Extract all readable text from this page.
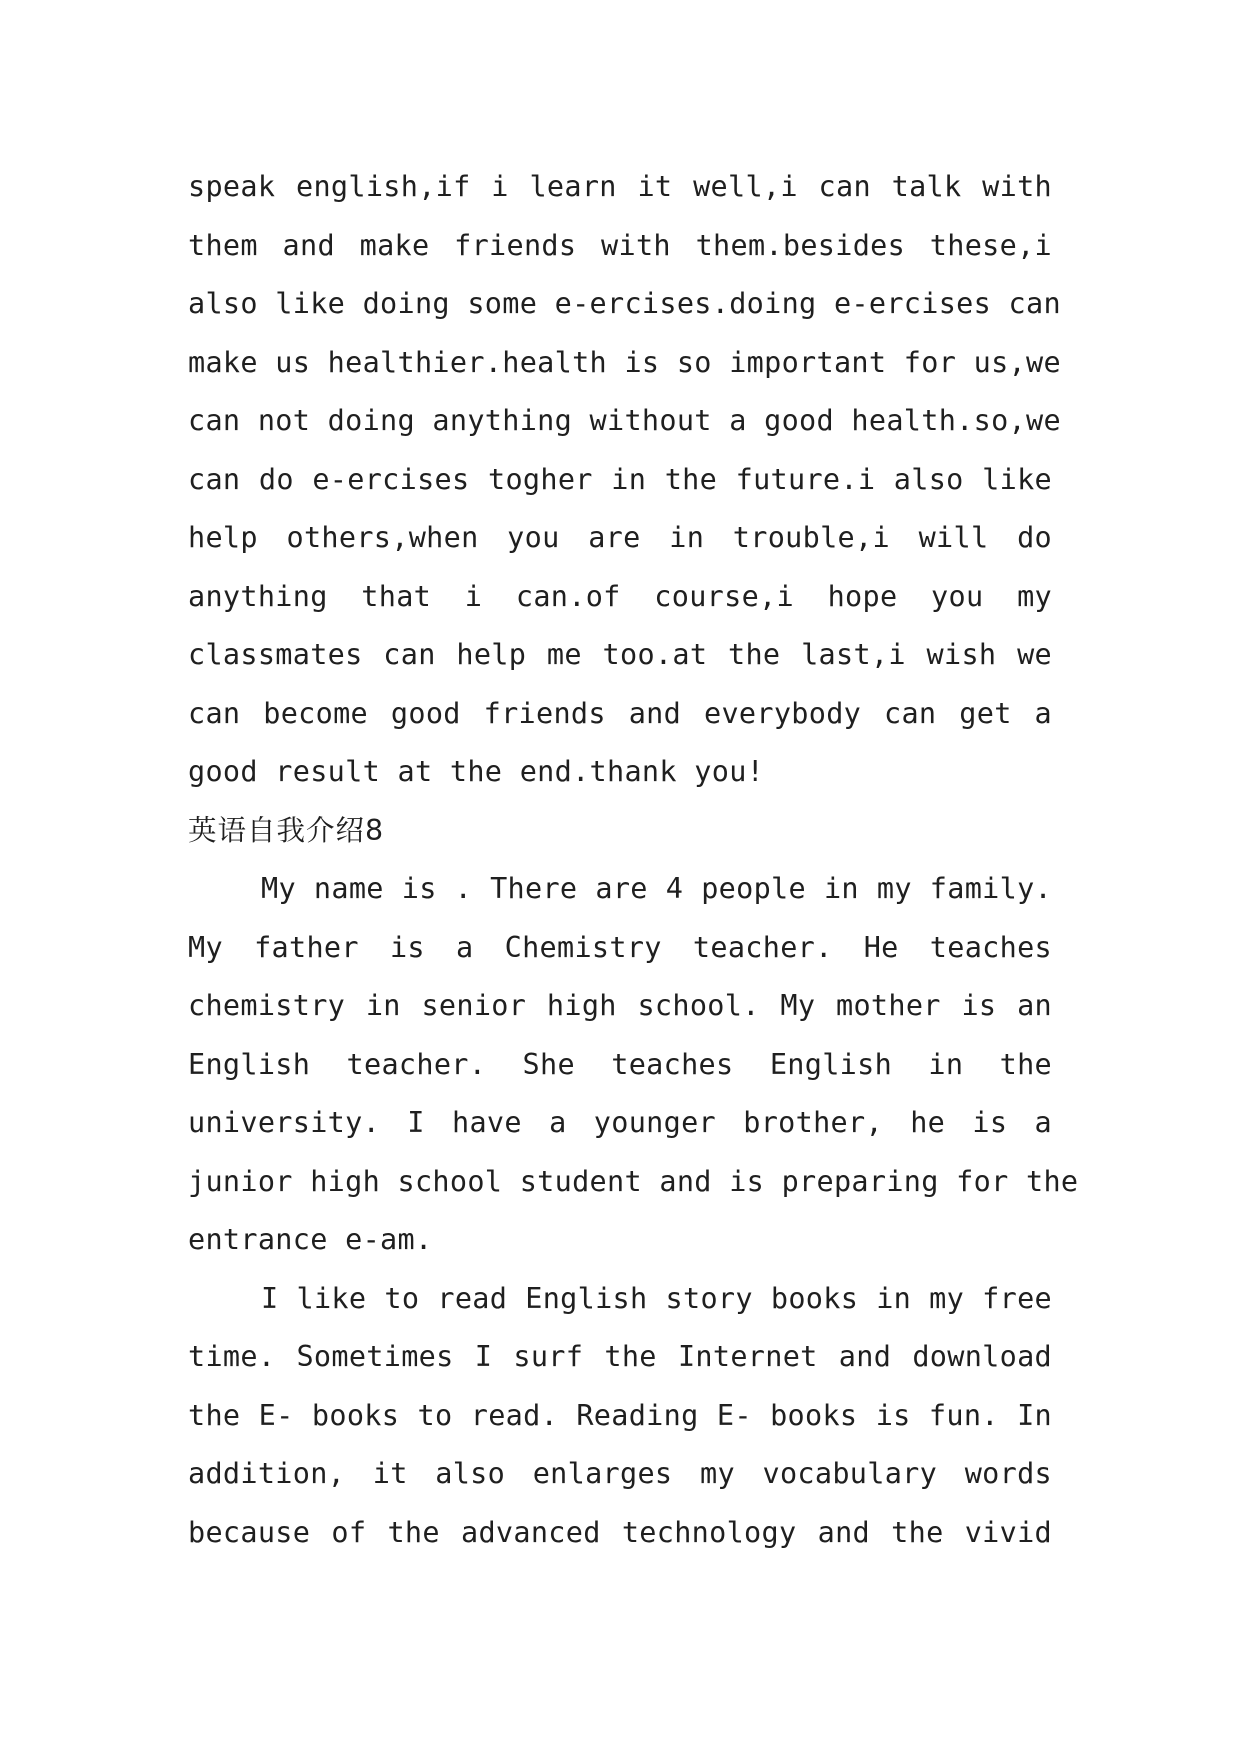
speak english,if i learn it well,i can talk with
them and make friends with them.besides these,i
also like doing some e-ercises.doing e-ercises can
make us healthier.health is so important for us,we
can not doing anything without a good health.so,we
can do e-ercises togher in the future.i also like
help others,when you are in trouble,i will do
anything that i can.of course,i hope you my
classmates can help me too.at the last,i wish we
can become good friends and everybody can get a
good result at the end.thank you!
英语自我介绍8
My name is . There are 4 people in my family.
My father is a Chemistry teacher. He teaches
chemistry in senior high school. My mother is an
English teacher. She teaches English in the
university. I have a younger brother, he is a
junior high school student and is preparing for the
entrance e-am.
I like to read English story books in my free
time. Sometimes I surf the Internet and download
the E- books to read. Reading E- books is fun. In
addition, it also enlarges my vocabulary words
because of the advanced technology and the vivid
